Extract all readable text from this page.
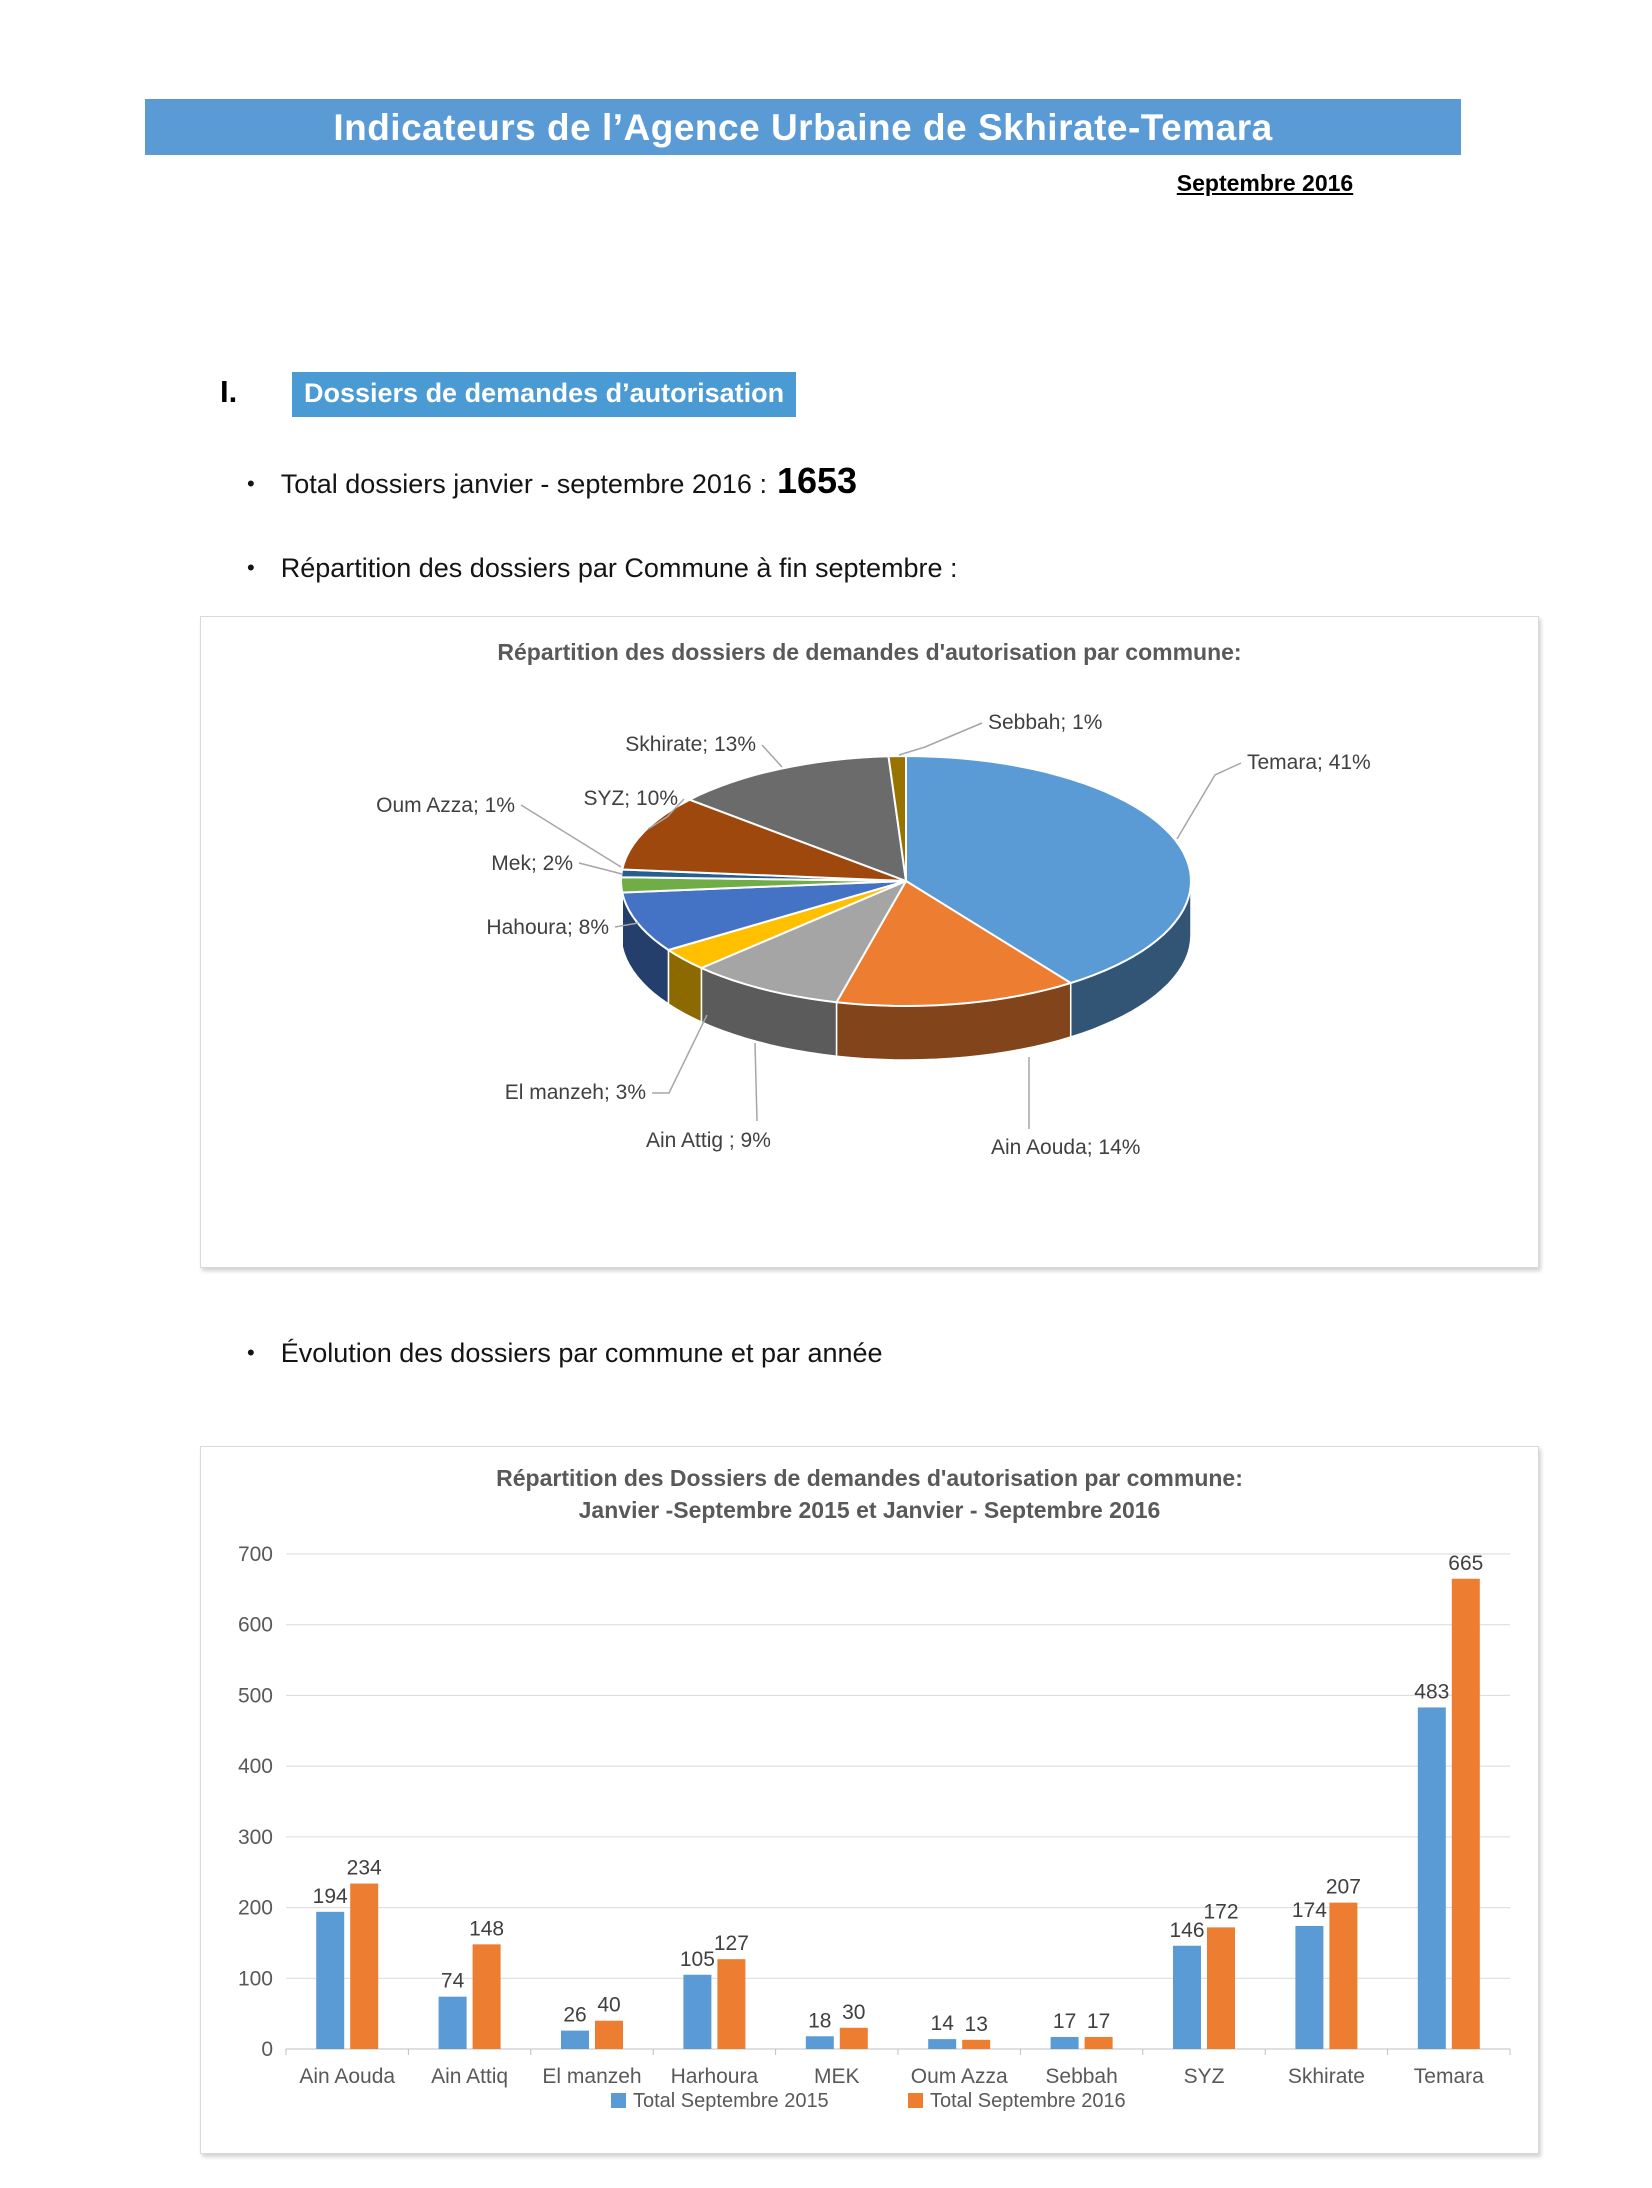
Indicateurs de l’Agence Urbaine de Skhirate-Temara
Septembre 2016
I.	Dossiers de demandes d’autorisation
• Total dossiers janvier - septembre 2016 : 1653
• Répartition des dossiers par Commune à fin septembre :
Répartition des dossiers de demandes d'autorisation par commune:
Temara; 41%
Ain Aouda; 14%
Ain Attig ; 9%
El manzeh; 3%
Hahoura; 8%
Mek; 2%
Oum Azza; 1%	SYZ; 10%
Skhirate; 13%
Sebbah; 1%
• Évolution des dossiers par commune et par année
Répartition des Dossiers de demandes d'autorisation par commune:
Janvier -Septembre 2015 et Janvier - Septembre 2016
0
100
200
300
400
500
600
700
194
74
26
105
18	14	17
146
174
483
234
148
40
127
30
13	17
172
207
665
Ain Aouda Ain Attiq El manzeh Harhoura	MEK Oum Azza Sebbah	SYZ	Skhirate Temara
Total Septembre 2015	Total Septembre 2016
